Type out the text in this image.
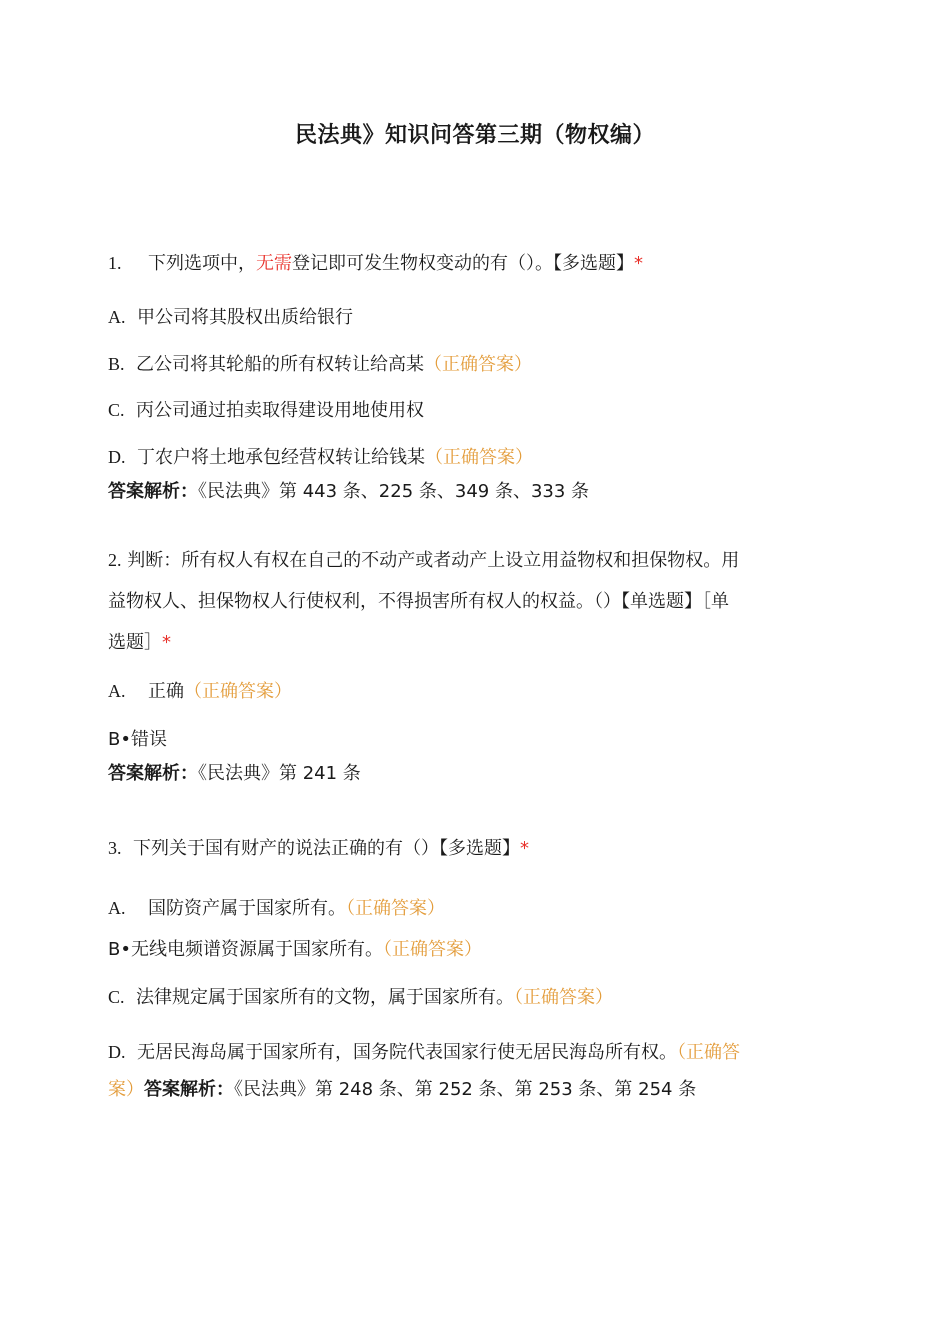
民法典》知识问答第三期（物权编）
1. 下列选项中，无需登记即可发生物权变动的有（）。【多选题】*
A. 甲公司将其股权出质给银行
B. 乙公司将其轮船的所有权转让给高某（正确答案）
C. 丙公司通过拍卖取得建设用地使用权
D. 丁农户将土地承包经营权转让给钱某（正确答案）
答案解析：《民法典》第 443 条、225 条、349 条、333 条
2. 判断：所有权人有权在自己的不动产或者动产上设立用益物权和担保物权。用
益物权人、担保物权人行使权利，不得损害所有权人的权益。（）【单选题】［单
选题］*
A. 正确（正确答案）
B•错误
答案解析：《民法典》第 241 条
3. 下列关于国有财产的说法正确的有（）【多选题】*
A. 国防资产属于国家所有。（正确答案）
B•无线电频谱资源属于国家所有。（正确答案）
C. 法律规定属于国家所有的文物，属于国家所有。（正确答案）
D. 无居民海岛属于国家所有，国务院代表国家行使无居民海岛所有权。（正确答
案）答案解析：《民法典》第 248 条、第 252 条、第 253 条、第 254 条
